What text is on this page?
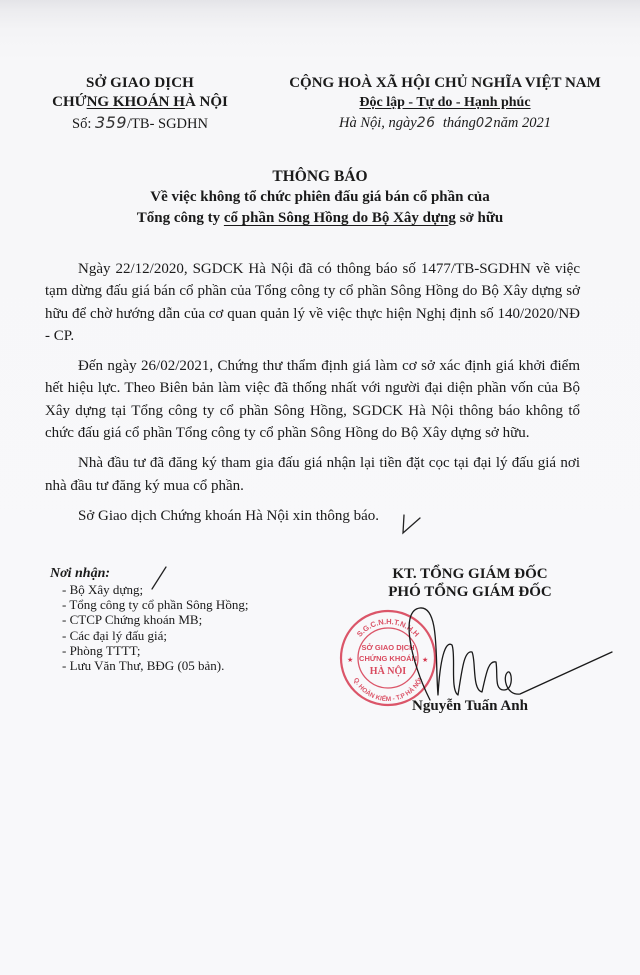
SỞ GIAO DỊCH
CHỨNG KHOÁN HÀ NỘI
Số: 359/TB- SGDHN
CỘNG HOÀ XÃ HỘI CHỦ NGHĨA VIỆT NAM
Độc lập - Tự do - Hạnh phúc
Hà Nội, ngày26 tháng02năm 2021
THÔNG BÁO
Về việc không tổ chức phiên đấu giá bán cổ phần của
Tổng công ty cổ phần Sông Hồng do Bộ Xây dựng sở hữu

Ngày 22/12/2020, SGDCK Hà Nội đã có thông báo số 1477/TB-SGDHN về việc tạm dừng đấu giá bán cổ phần của Tổng công ty cổ phần Sông Hồng do Bộ Xây dựng sở hữu để chờ hướng dẫn của cơ quan quản lý về việc thực hiện Nghị định số 140/2020/NĐ - CP.

Đến ngày 26/02/2021, Chứng thư thẩm định giá làm cơ sở xác định giá khởi điểm hết hiệu lực. Theo Biên bản làm việc đã thống nhất với người đại diện phần vốn của Bộ Xây dựng tại Tổng công ty cổ phần Sông Hồng, SGDCK Hà Nội thông báo không tổ chức đấu giá cổ phần Tổng công ty cổ phần Sông Hồng do Bộ Xây dựng sở hữu.

Nhà đầu tư đã đăng ký tham gia đấu giá nhận lại tiền đặt cọc tại đại lý đấu giá nơi nhà đầu tư đăng ký mua cổ phần.

Sở Giao dịch Chứng khoán Hà Nội xin thông báo.

Nơi nhận:
- Bộ Xây dựng;
- Tổng công ty cổ phần Sông Hồng;
- CTCP Chứng khoán MB;
- Các đại lý đấu giá;
- Phòng TTTT;
- Lưu Văn Thư, BĐG (05 bản).
S.G.C.N.H.T.N.H.H
Q. HOÀN KIẾM - T.P HÀ NỘI
SỞ GIAO DỊCH
CHỨNG KHOÁN
HÀ NỘI
★	★
KT. TỔNG GIÁM ĐỐC
PHÓ TỔNG GIÁM ĐỐC
Nguyễn Tuấn Anh
